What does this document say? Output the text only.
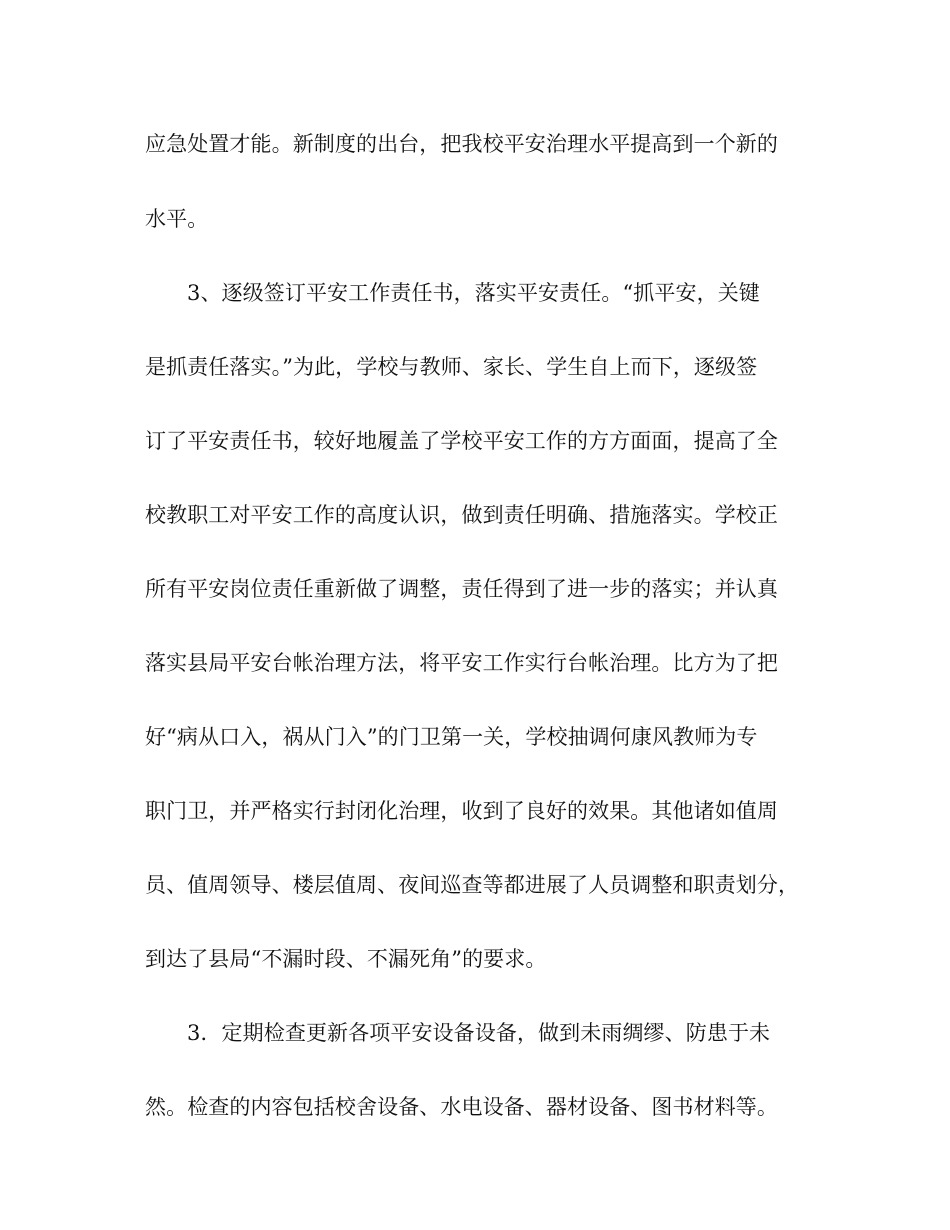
应急处置才能。新制度的出台，把我校平安治理水平提高到一个新的
水平。
3、逐级签订平安工作责任书，落实平安责任。“抓平安，关键
是抓责任落实。”为此，学校与教师、家长、学生自上而下，逐级签
订了平安责任书，较好地履盖了学校平安工作的方方面面，提高了全
校教职工对平安工作的高度认识，做到责任明确、措施落实。学校正
所有平安岗位责任重新做了调整，责任得到了进一步的落实；并认真
落实县局平安台帐治理方法，将平安工作实行台帐治理。比方为了把
好“病从口入，祸从门入”的门卫第一关，学校抽调何康风教师为专
职门卫，并严格实行封闭化治理，收到了良好的效果。其他诸如值周
员、值周领导、楼层值周、夜间巡查等都进展了人员调整和职责划分，
到达了县局“不漏时段、不漏死角”的要求。
3．定期检查更新各项平安设备设备，做到未雨绸缪、防患于未
然。检查的内容包括校舍设备、水电设备、器材设备、图书材料等。
